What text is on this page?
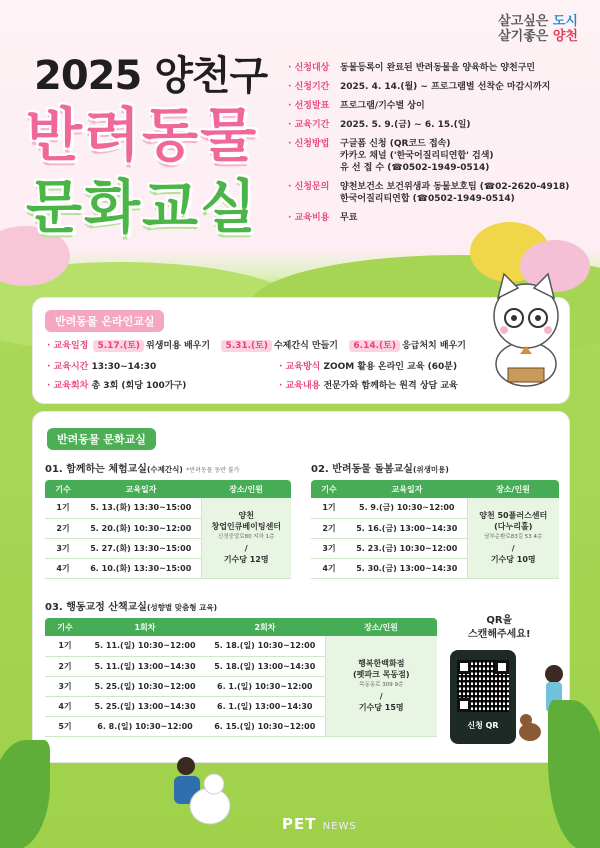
살고싶은 도시
살기좋은 양천
2025 양천구
반려동물
문화교실
· 신청대상	동물등록이 완료된 반려동물을 양육하는 양천구민
· 신청기간	2025. 4. 14.(월) ~ 프로그램별 선착순 마감시까지
· 선정발표	프로그램/기수별 상이
· 교육기간	2025. 5. 9.(금) ~ 6. 15.(일)
· 신청방법	구글폼 신청 (QR코드 접속)
카카오 채널 ('한국어질리티연합' 검색)
유 선 접 수 (☎0502-1949-0514)
· 신청문의	양천보건소 보건위생과 동물보호팀 (☎02-2620-4918)
한국어질리티연합 (☎0502-1949-0514)
· 교육비용	무료
반려동물 온라인교실
· 교육일정 5.17.(토) 위생미용 배우기 5.31.(토) 수제간식 만들기 6.14.(토) 응급처치 배우기
· 교육시간 13:30~14:30	· 교육방식 ZOOM 활용 온라인 교육 (60분)
· 교육회차 총 3회 (회당 100가구)	· 교육내용 전문가와 함께하는 원격 상담 교육
반려동물 문화교실
01. 함께하는 체험교실(수제간식) *반려동물 동반 불가
기수	교육일자	장소/인원
1기	5. 13.(화) 13:30~15:00	양천
창업인큐베이팅센터
신정중앙로80 지하 1층
/
기수당 12명

2기	5. 20.(화) 10:30~12:00	
3기	5. 27.(화) 13:30~15:00	
4기	6. 10.(화) 13:30~15:00	
02. 반려동물 돌봄교실(위생미용)
기수	교육일자	장소/인원
1기	5. 9.(금) 10:30~12:00	양천 50플러스센터
(다누리홀)
남부순환로83길 53 4층
/
기수당 10명

2기	5. 16.(금) 13:00~14:30	
3기	5. 23.(금) 10:30~12:00	
4기	5. 30.(금) 13:00~14:30	
03. 행동교정 산책교실(성향별 맞춤형 교육)
기수	1회차	2회차	장소/인원
1기	5. 11.(일) 10:30~12:00	5. 18.(일) 10:30~12:00	행복한백화점
(펫파크 목동점)
목동동로 309 9층
/
기수당 15명

2기	5. 11.(일) 13:00~14:30	5. 18.(일) 13:00~14:30	
3기	5. 25.(일) 10:30~12:00	6. 1.(일) 10:30~12:00	
4기	5. 25.(일) 13:00~14:30	6. 1.(일) 13:00~14:30	
5기	6. 8.(일) 10:30~12:00	6. 15.(일) 10:30~12:00	
QR을
스캔해주세요!
신청 QR
PET NEWS
